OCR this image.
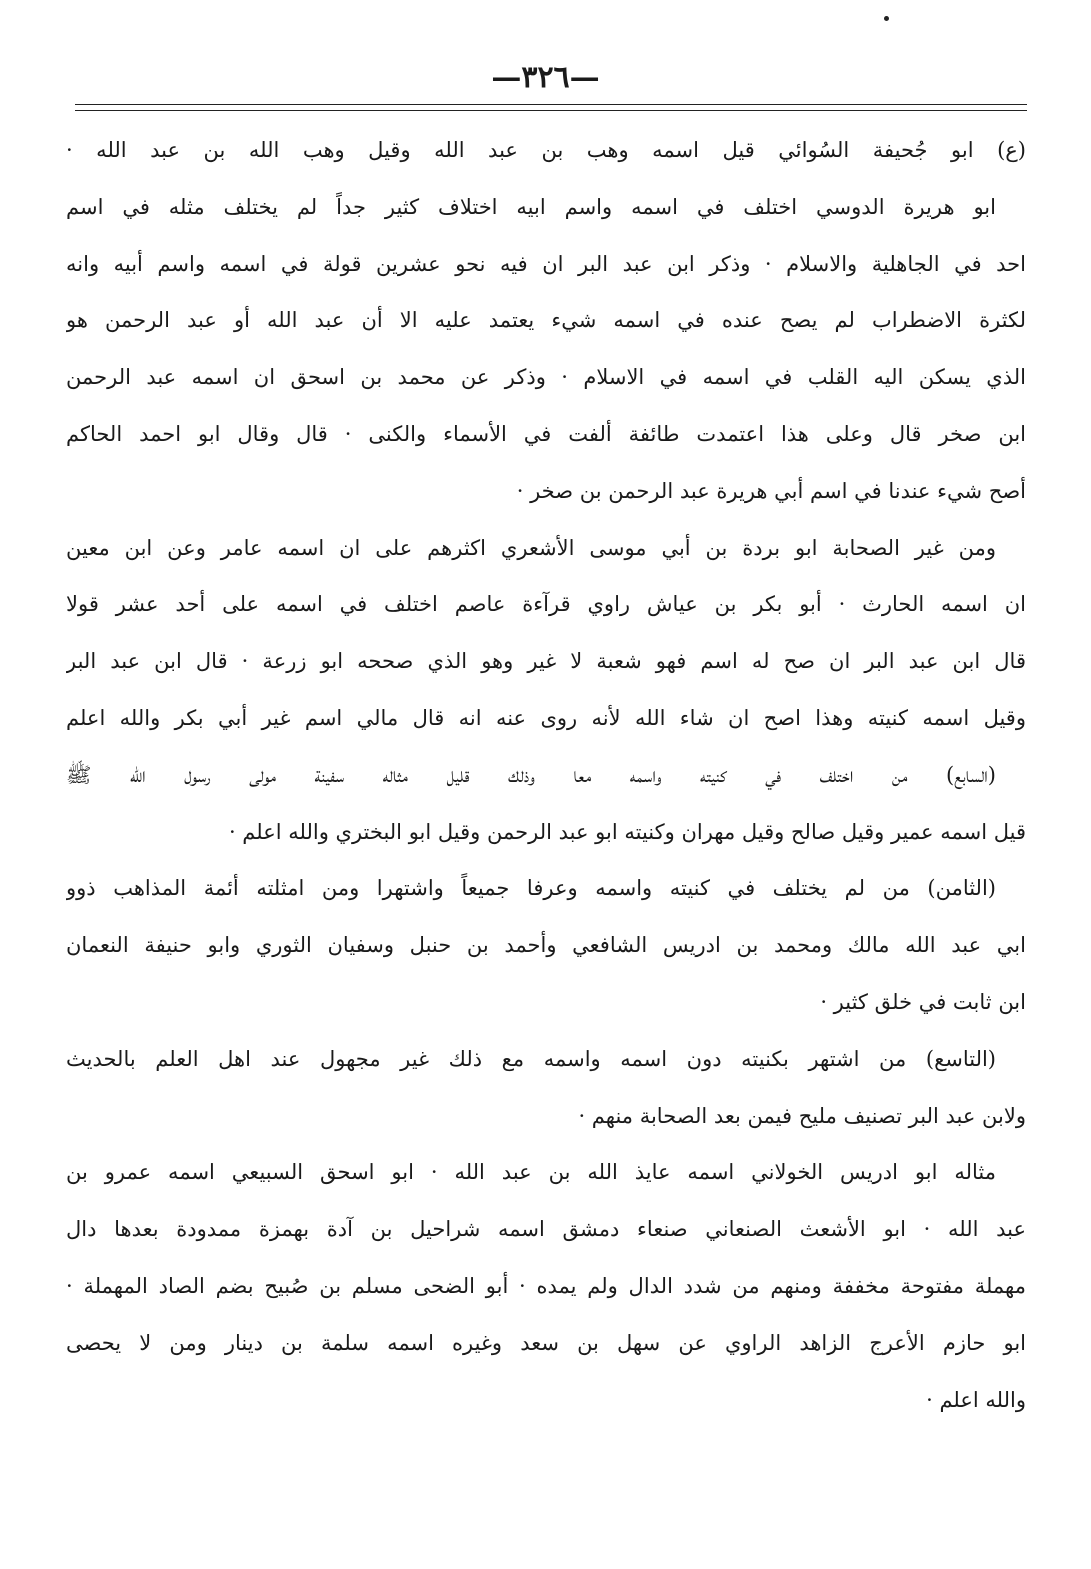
—٣٢٦—
(ع) ابو جُحيفة السُوائي قيل اسمه وهب بن عبد الله وقيل وهب الله بن عبد الله ·
ابو هريرة الدوسي اختلف في اسمه واسم ابيه اختلاف كثير جداً لم يختلف مثله في اسم
احد في الجاهلية والاسلام · وذكر ابن عبد البر ان فيه نحو عشرين قولة في اسمه واسم أبيه وانه
لكثرة الاضطراب لم يصح عنده في اسمه شيء يعتمد عليه الا أن عبد الله أو عبد الرحمن هو
الذي يسكن اليه القلب في اسمه في الاسلام · وذكر عن محمد بن اسحق ان اسمه عبد الرحمن
ابن صخر قال وعلى هذا اعتمدت طائفة ألفت في الأسماء والكنى · قال وقال ابو احمد الحاكم
أصح شيء عندنا في اسم أبي هريرة عبد الرحمن بن صخر ·
ومن غير الصحابة ابو بردة بن أبي موسى الأشعري اكثرهم على ان اسمه عامر وعن ابن معين
ان اسمه الحارث · أبو بكر بن عياش راوي قرآءة عاصم اختلف في اسمه على أحد عشر قولا
قال ابن عبد البر ان صح له اسم فهو شعبة لا غير وهو الذي صححه ابو زرعة · قال ابن عبد البر
وقيل اسمه كنيته وهذا اصح ان شاء الله لأنه روى عنه انه قال مالي اسم غير أبي بكر والله اعلم
(السابع) من اختلف في كنيته واسمه معا وذلك قليل مثاله سفينة مولى رسول الله ﷺ
قيل اسمه عمير وقيل صالح وقيل مهران وكنيته ابو عبد الرحمن وقيل ابو البختري والله اعلم ·
(الثامن) من لم يختلف في كنيته واسمه وعرفا جميعاً واشتهرا ومن امثلته أئمة المذاهب ذوو
ابي عبد الله مالك ومحمد بن ادريس الشافعي وأحمد بن حنبل وسفيان الثوري وابو حنيفة النعمان
ابن ثابت في خلق كثير ·
(التاسع) من اشتهر بكنيته دون اسمه واسمه مع ذلك غير مجهول عند اهل العلم بالحديث
ولابن عبد البر تصنيف مليح فيمن بعد الصحابة منهم ·
مثاله ابو ادريس الخولاني اسمه عايذ الله بن عبد الله · ابو اسحق السبيعي اسمه عمرو بن
عبد الله · ابو الأشعث الصنعاني صنعاء دمشق اسمه شراحيل بن آدة بهمزة ممدودة بعدها دال
مهملة مفتوحة مخففة ومنهم من شدد الدال ولم يمده · أبو الضحى مسلم بن صُبيح بضم الصاد المهملة ·
ابو حازم الأعرج الزاهد الراوي عن سهل بن سعد وغيره اسمه سلمة بن دينار ومن لا يحصى
والله اعلم ·
